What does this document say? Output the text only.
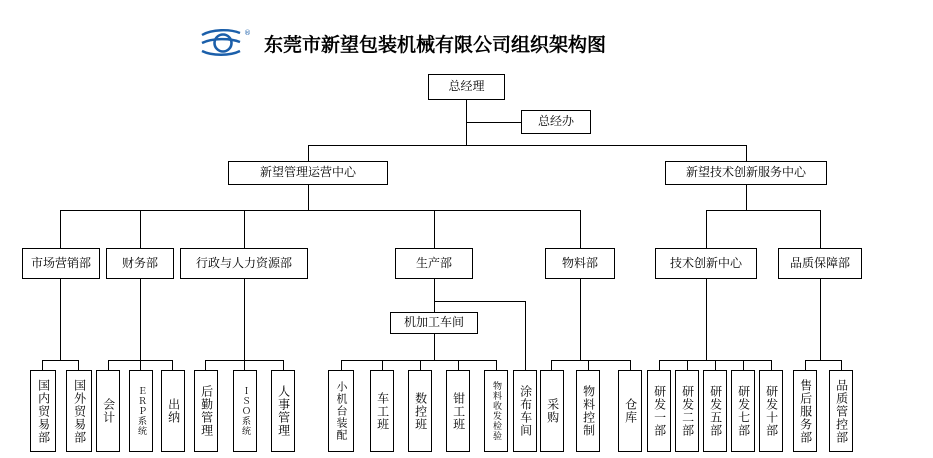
®
东莞市新望包装机械有限公司组织架构图
总经理
总经办
新望管理运营中心	新望技术创新服务中心
市场营销部	财务部	行政与人力资源部	生产部	物料部	技术创新中心	品质保障部
机加工车间
国内贸易部 国外贸易部 会计 ＥＲＰ系统 出纳 后勤管理	ＩＳＯ系统 人事管理	小机台装配 车工班 数控班 钳工班	物料收发检验 涂布车间 采购 物料控制 仓库 研发一部 研发二部 研发五部 研发七部 研发十部 售后服务部 品质管控部
